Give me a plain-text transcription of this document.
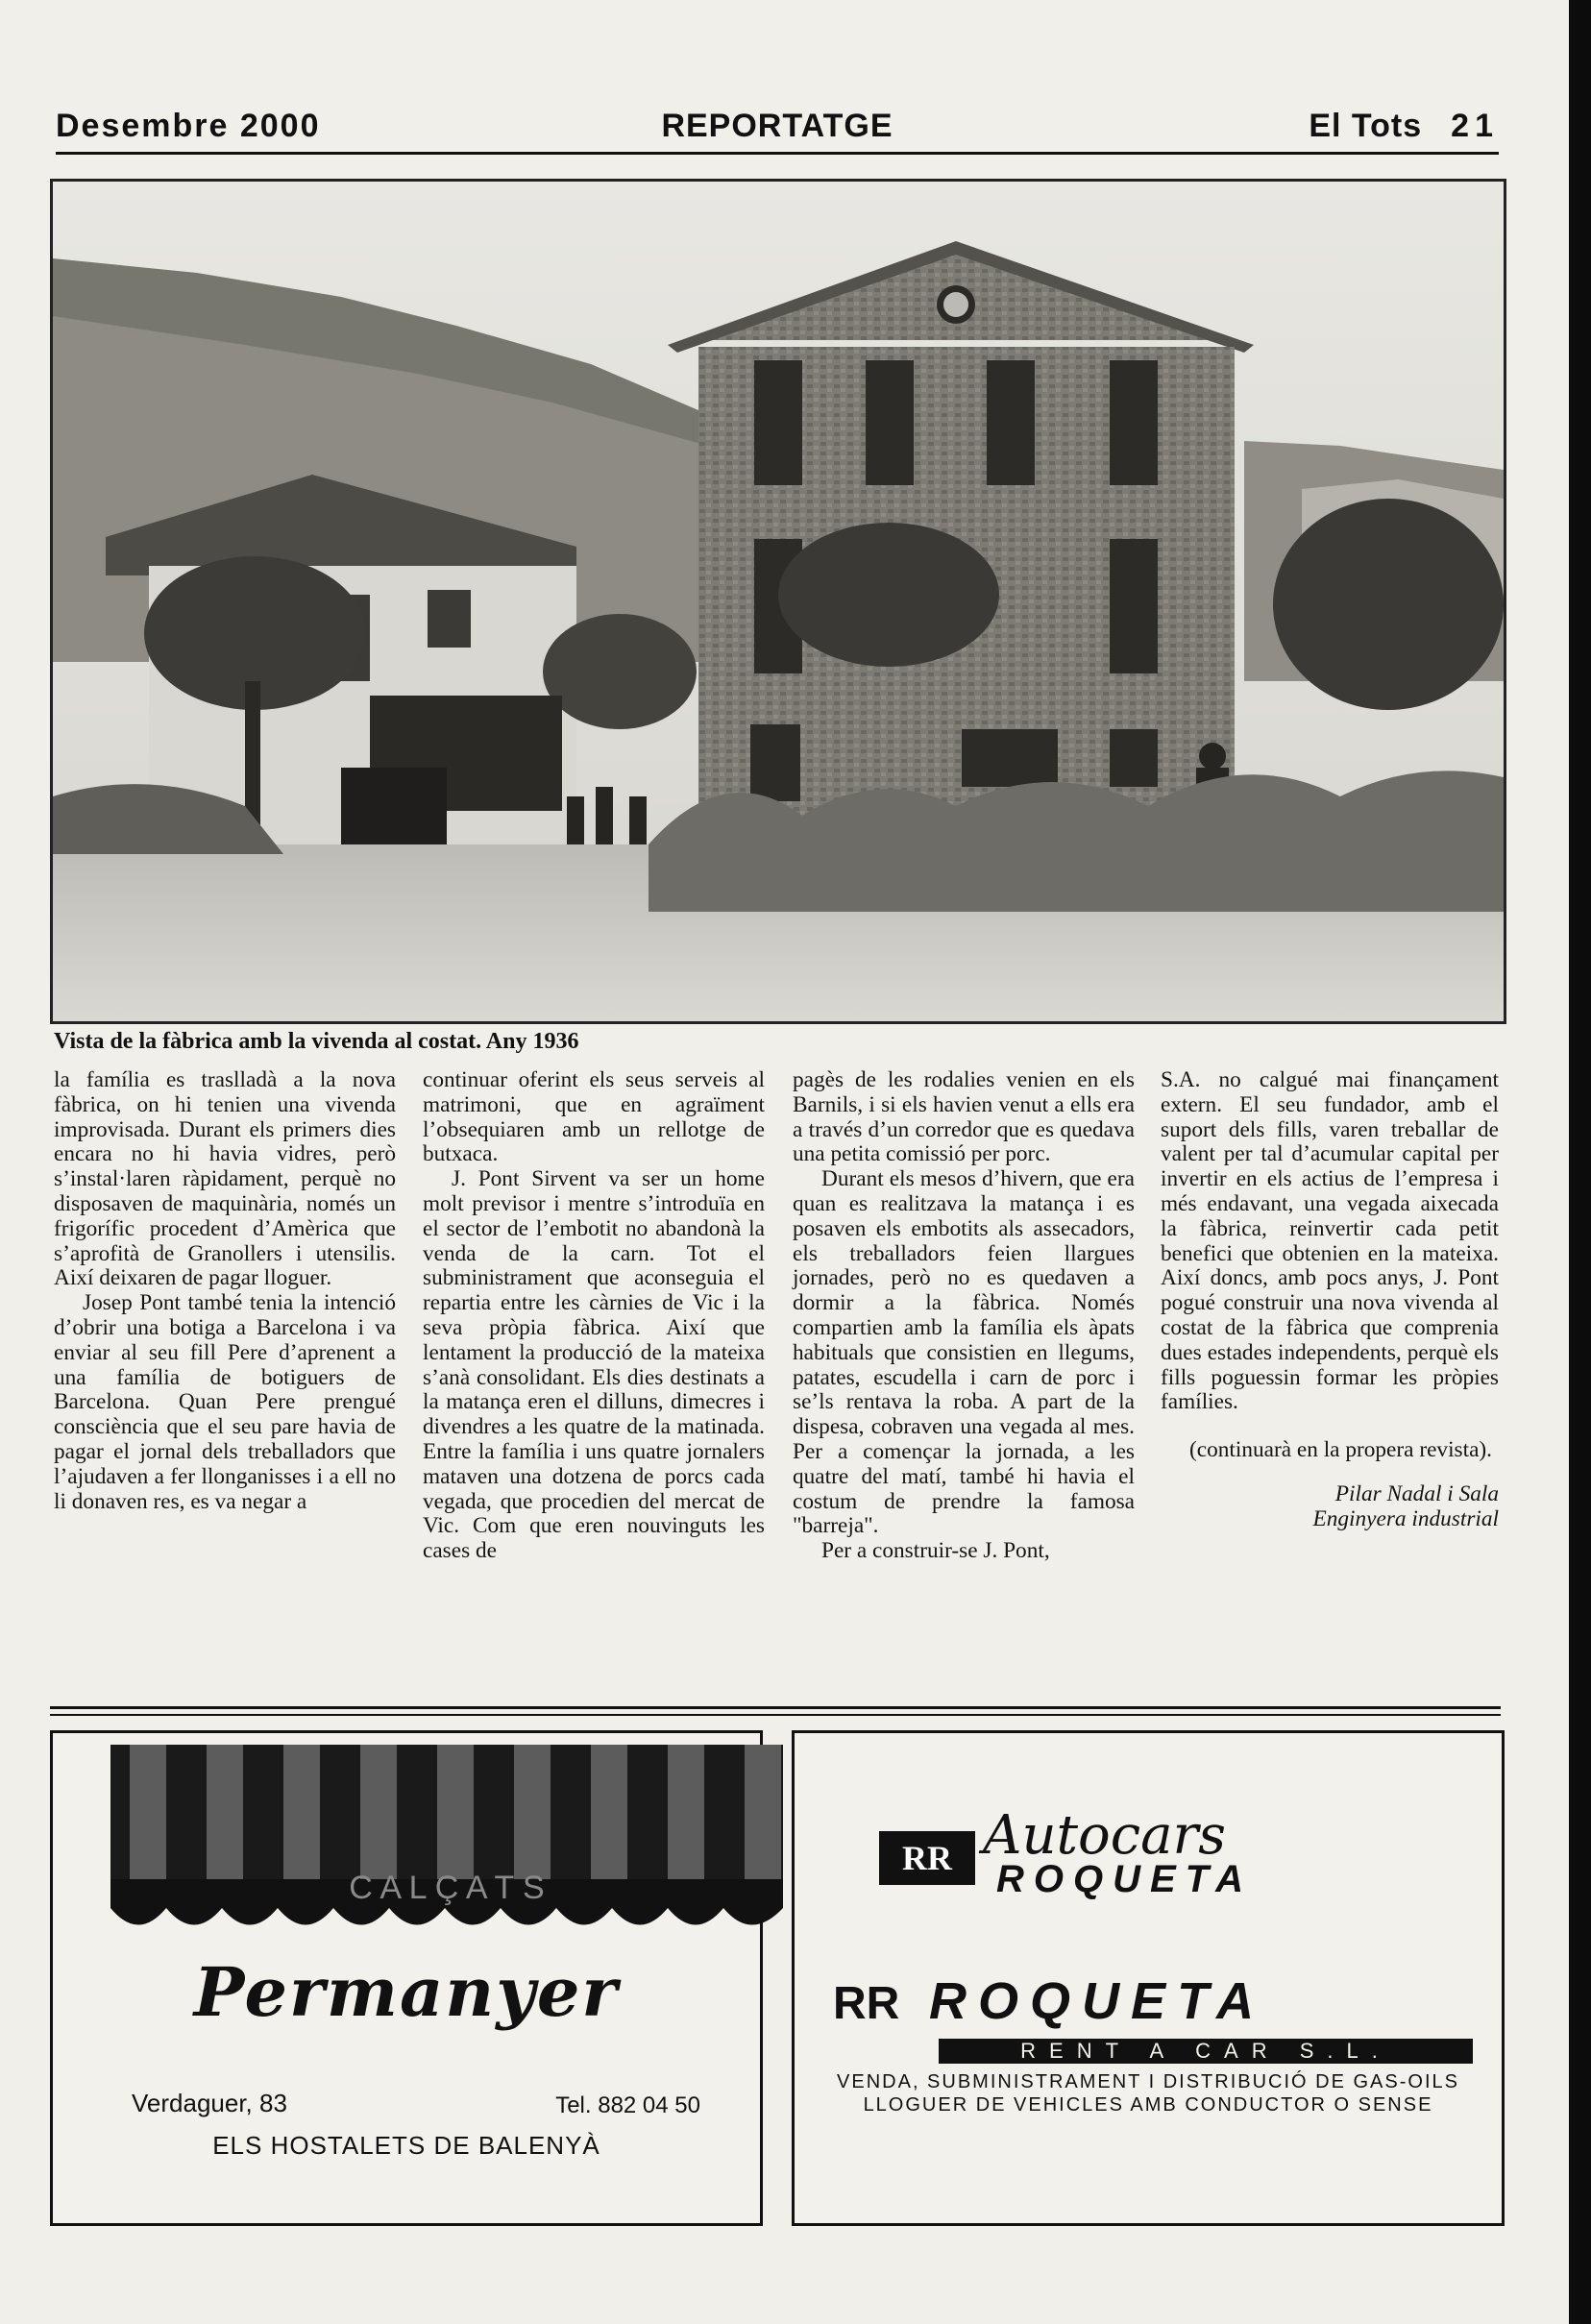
Desembre 2000	REPORTATGE	El Tots 21
Vista de la fàbrica amb la vivenda al costat. Any 1936

la família es traslladà a la nova fàbrica, on hi tenien una vivenda improvisada. Durant els primers dies encara no hi havia vidres, però s’instal·laren ràpidament, perquè no disposaven de maquinària, només un frigorífic procedent d’Amèrica que s’aprofità de Granollers i utensilis. Així deixaren de pagar lloguer.

Josep Pont també tenia la intenció d’obrir una botiga a Barcelona i va enviar al seu fill Pere d’aprenent a una família de botiguers de Barcelona. Quan Pere prengué consciència que el seu pare havia de pagar el jornal dels treballadors que l’ajudaven a fer llonganisses i a ell no li donaven res, es va negar a

continuar oferint els seus serveis al matrimoni, que en agraïment l’obsequiaren amb un rellotge de butxaca.

J. Pont Sirvent va ser un home molt previsor i mentre s’introduïa en el sector de l’embotit no abandonà la venda de la carn. Tot el subministrament que aconseguia el repartia entre les càrnies de Vic i la seva pròpia fàbrica. Així que lentament la producció de la mateixa s’anà consolidant. Els dies destinats a la matança eren el dilluns, dimecres i divendres a les quatre de la matinada. Entre la família i uns quatre jornalers mataven una dotzena de porcs cada vegada, que procedien del mercat de Vic. Com que eren nouvinguts les cases de

pagès de les rodalies venien en els Barnils, i si els havien venut a ells era a través d’un corredor que es quedava una petita comissió per porc.

Durant els mesos d’hivern, que era quan es realitzava la matança i es posaven els embotits als assecadors, els treballadors feien llargues jornades, però no es quedaven a dormir a la fàbrica. Només compartien amb la família els àpats habituals que consistien en llegums, patates, escudella i carn de porc i se’ls rentava la roba. A part de la dispesa, cobraven una vegada al mes. Per a començar la jornada, a les quatre del matí, també hi havia el costum de prendre la famosa "barreja".

Per a construir-se J. Pont,

S.A. no calgué mai finançament extern. El seu fundador, amb el suport dels fills, varen treballar de valent per tal d’acumular capital per invertir en els actius de l’empresa i més endavant, una vegada aixecada la fàbrica, reinvertir cada petit benefici que obtenien en la mateixa. Així doncs, amb pocs anys, J. Pont pogué construir una nova vivenda al costat de la fàbrica que comprenia dues estades independents, perquè els fills poguessin formar les pròpies famílies.

(continuarà en la propera revista).

Pilar Nadal i Sala

Enginyera industrial

C A L Ç A T S
Permanyer
Verdaguer, 83	Tel. 882 04 50
ELS HOSTALETS DE BALENYÀ
RR Autocars
ROQUETA
RR ROQUETA
RENT A CAR S.L.
VENDA, SUBMINISTRAMENT I DISTRIBUCIÓ DE GAS-OILS
LLOGUER DE VEHICLES AMB CONDUCTOR O SENSE
